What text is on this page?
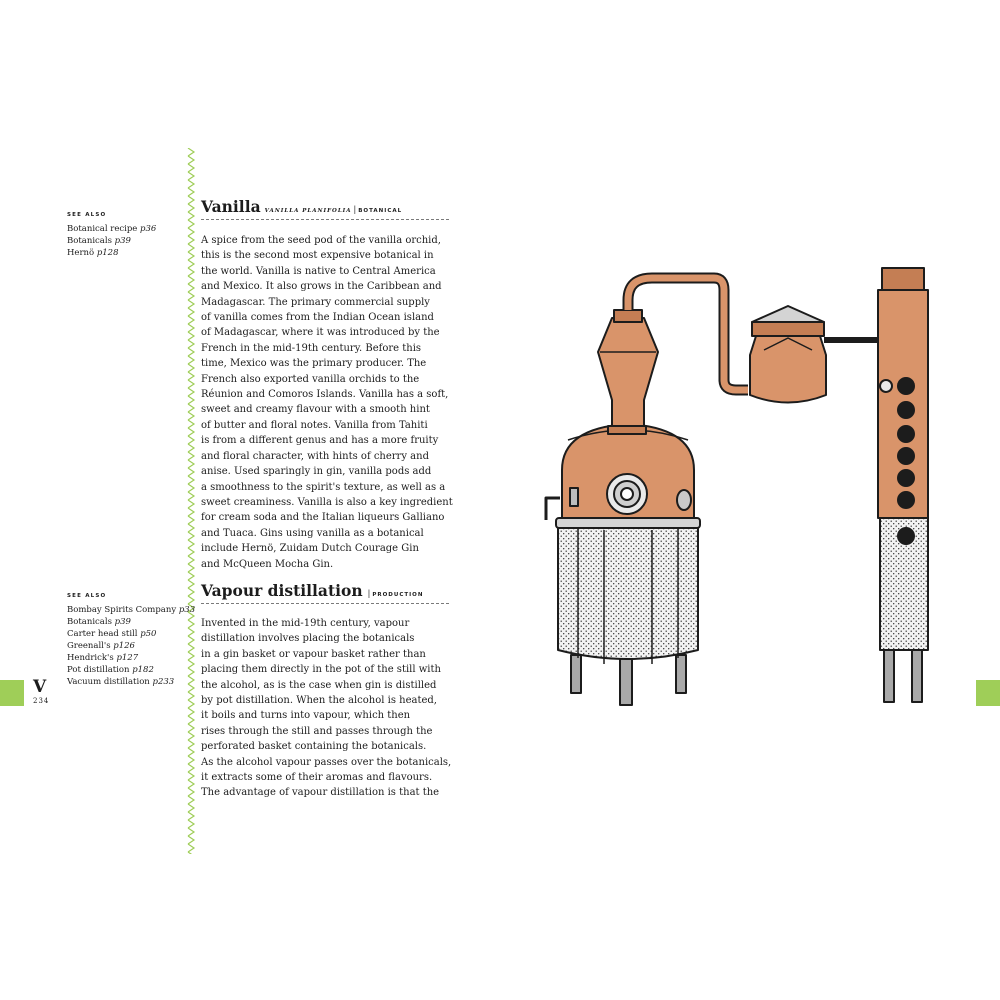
V
234
SEE ALSO
Botanical recipe p36
Botanicals p39
Hernö p128
SEE ALSO
Bombay Spirits Company p33
Botanicals p39
Carter head still p50
Greenall's p126
Hendrick's p127
Pot distillation p182
Vacuum distillation p233
Vanilla VANILLA PLANIFOLIA | BOTANICAL
A spice from the seed pod of the vanilla orchid,
this is the second most expensive botanical in
the world. Vanilla is native to Central America
and Mexico. It also grows in the Caribbean and
Madagascar. The primary commercial supply
of vanilla comes from the Indian Ocean island
of Madagascar, where it was introduced by the
French in the mid-19th century. Before this
time, Mexico was the primary producer. The
French also exported vanilla orchids to the
Réunion and Comoros Islands. Vanilla has a soft,
sweet and creamy flavour with a smooth hint
of butter and floral notes. Vanilla from Tahiti
is from a different genus and has a more fruity
and floral character, with hints of cherry and
anise. Used sparingly in gin, vanilla pods add
a smoothness to the spirit's texture, as well as a
sweet creaminess. Vanilla is also a key ingredient
for cream soda and the Italian liqueurs Galliano
and Tuaca. Gins using vanilla as a botanical
include Hernö, Zuidam Dutch Courage Gin
and McQueen Mocha Gin.
Vapour distillation | PRODUCTION
Invented in the mid-19th century, vapour
distillation involves placing the botanicals
in a gin basket or vapour basket rather than
placing them directly in the pot of the still with
the alcohol, as is the case when gin is distilled
by pot distillation. When the alcohol is heated,
it boils and turns into vapour, which then
rises through the still and passes through the
perforated basket containing the botanicals.
As the alcohol vapour passes over the botanicals,
it extracts some of their aromas and flavours.
The advantage of vapour distillation is that the
